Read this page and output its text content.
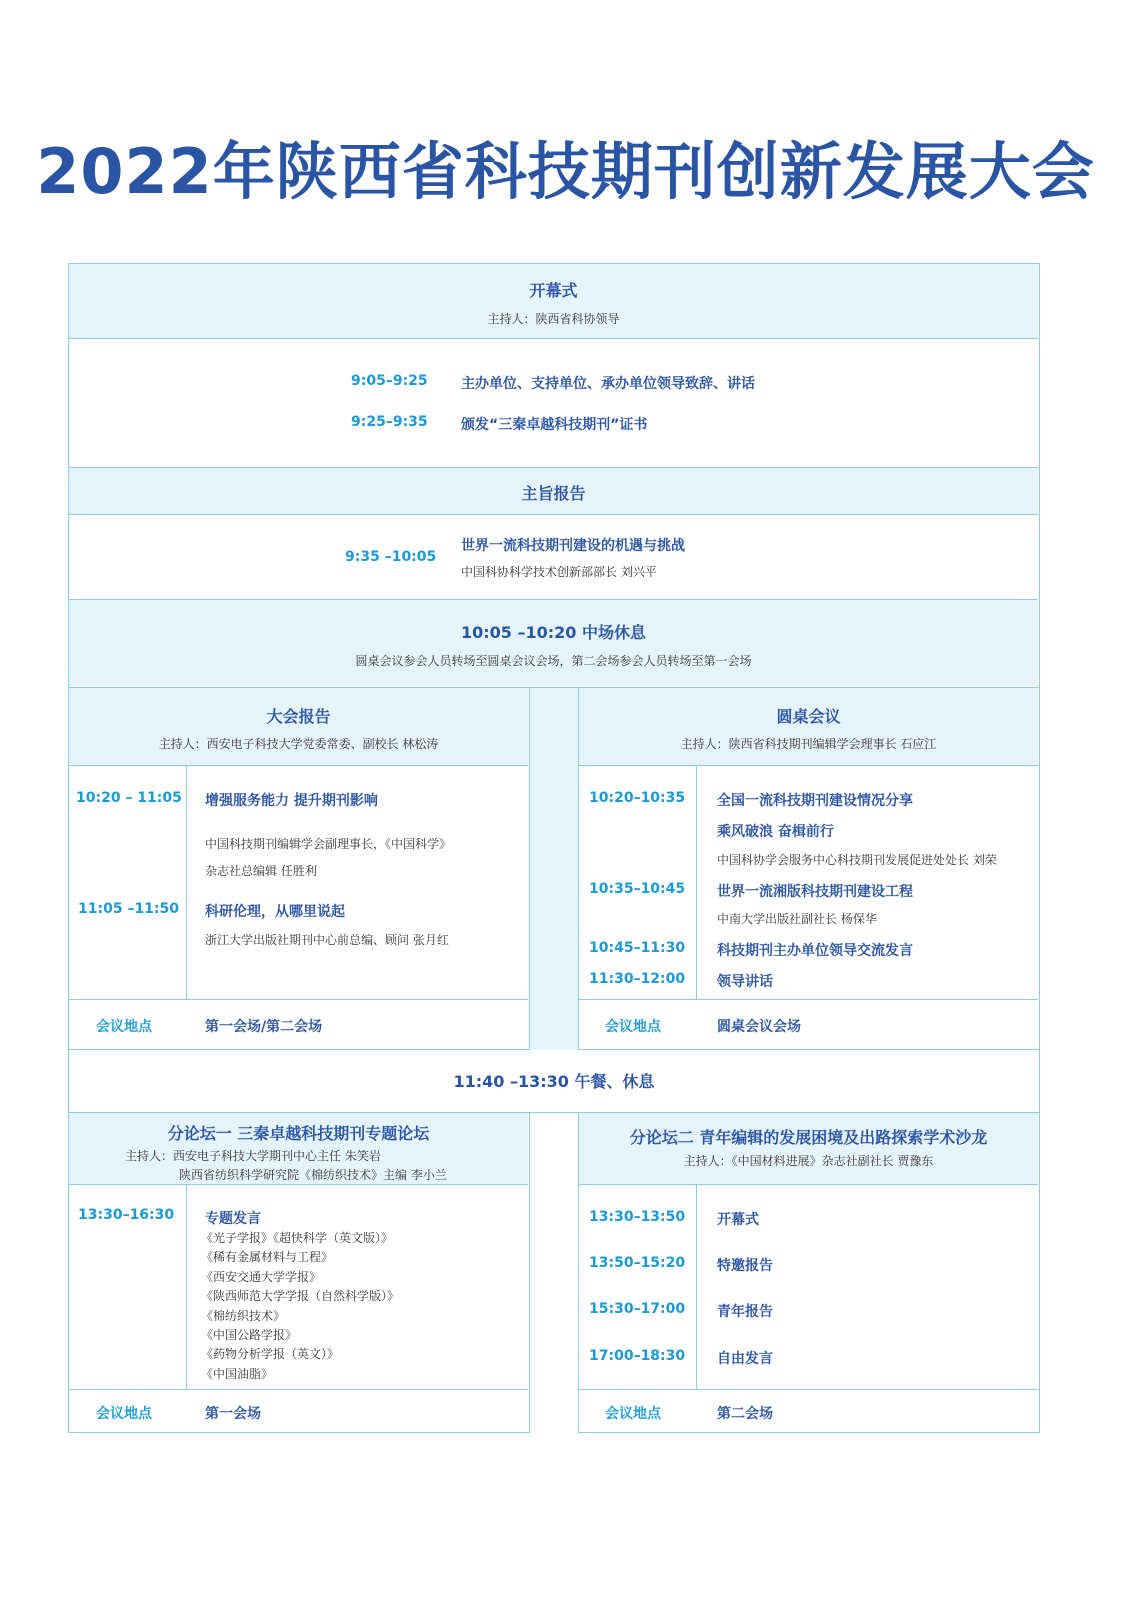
2022年陕西省科技期刊创新发展大会
开幕式
主持人：陕西省科协领导
9:05–9:25 主办单位、支持单位、承办单位领导致辞、讲话
9:25–9:35 颁发“三秦卓越科技期刊”证书
主旨报告
9:35 –10:05
世界一流科技期刊建设的机遇与挑战
中国科协科学技术创新部部长 刘兴平
10:05 –10:20 中场休息
圆桌会议参会人员转场至圆桌会议会场，第二会场参会人员转场至第一会场
大会报告
主持人：西安电子科技大学党委常委、副校长 林松涛
10:20 – 11:05 增强服务能力 提升期刊影响
中国科技期刊编辑学会副理事长，《中国科学》
杂志社总编辑 任胜利
11:05 –11:50 科研伦理，从哪里说起
浙江大学出版社期刊中心前总编、顾问 张月红
会议地点	第一会场/第二会场
圆桌会议
主持人：陕西省科技期刊编辑学会理事长 石应江
10:20–10:35 全国一流科技期刊建设情况分享
乘风破浪 奋楫前行
中国科协学会服务中心科技期刊发展促进处处长 刘荣
10:35–10:45 世界一流湘版科技期刊建设工程
中南大学出版社副社长 杨保华
10:45–11:30 科技期刊主办单位领导交流发言
11:30–12:00 领导讲话
会议地点	圆桌会议会场
11:40 –13:30 午餐、休息
分论坛一 三秦卓越科技期刊专题论坛
主持人：西安电子科技大学期刊中心主任 朱笑岩
陕西省纺织科学研究院《棉纺织技术》主编 李小兰
13:30–16:30 专题发言
《光子学报》《超快科学（英文版）》
《稀有金属材料与工程》
《西安交通大学学报》
《陕西师范大学学报（自然科学版）》
《棉纺织技术》
《中国公路学报》
《药物分析学报（英文）》
《中国油脂》
会议地点	第一会场
分论坛二 青年编辑的发展困境及出路探索学术沙龙
主持人：《中国材料进展》杂志社副社长 贾豫东
13:30–13:50 开幕式
13:50–15:20 特邀报告
15:30–17:00 青年报告
17:00–18:30 自由发言
会议地点	第二会场
